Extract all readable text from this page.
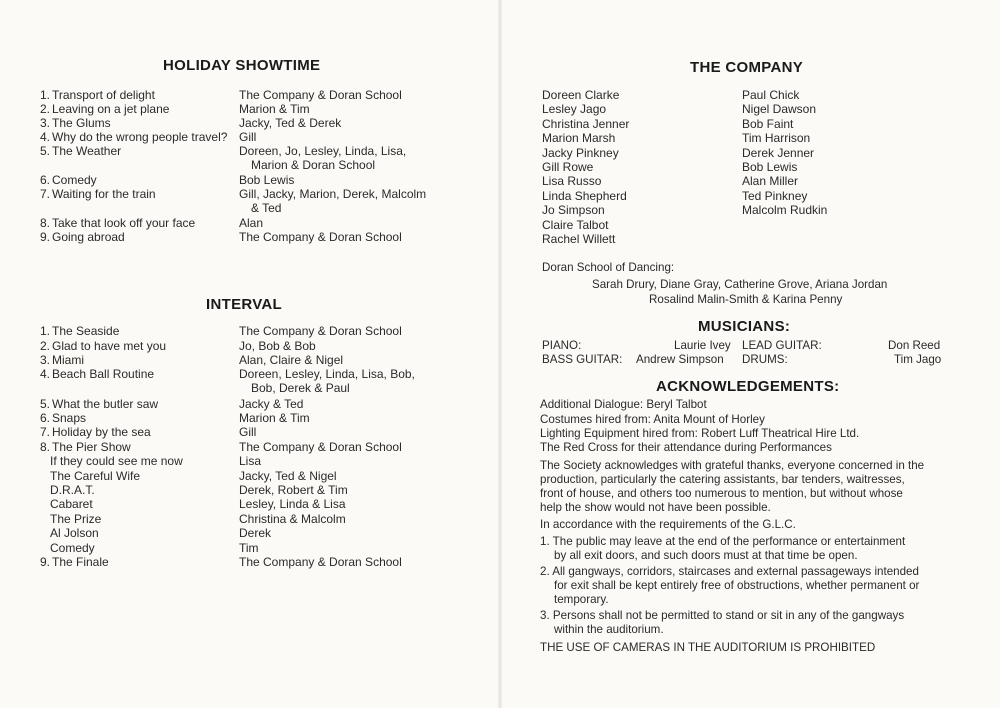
HOLIDAY SHOWTIME
1. Transport of delight	The Company & Doran School
2. Leaving on a jet plane	Marion & Tim
3. The Glums	Jacky, Ted & Derek
4. Why do the wrong people travel? Gill
5. The Weather	Doreen, Jo, Lesley, Linda, Lisa,
Marion & Doran School
6. Comedy	Bob Lewis
7. Waiting for the train	Gill, Jacky, Marion, Derek, Malcolm
& Ted
8. Take that look off your face	Alan
9. Going abroad	The Company & Doran School
INTERVAL
1. The Seaside	The Company & Doran School
2. Glad to have met you	Jo, Bob & Bob
3. Miami	Alan, Claire & Nigel
4. Beach Ball Routine	Doreen, Lesley, Linda, Lisa, Bob,
Bob, Derek & Paul
5. What the butler saw	Jacky & Ted
6. Snaps	Marion & Tim
7. Holiday by the sea	Gill
8. The Pier Show	The Company & Doran School
If they could see me now	Lisa
The Careful Wife	Jacky, Ted & Nigel
D.R.A.T.	Derek, Robert & Tim
Cabaret	Lesley, Linda & Lisa
The Prize	Christina & Malcolm
Al Jolson	Derek
Comedy	Tim
9. The Finale	The Company & Doran School
THE COMPANY
Doreen Clarke
Lesley Jago
Christina Jenner
Marion Marsh
Jacky Pinkney
Gill Rowe
Lisa Russo
Linda Shepherd
Jo Simpson
Claire Talbot
Rachel Willett
Paul Chick
Nigel Dawson
Bob Faint
Tim Harrison
Derek Jenner
Bob Lewis
Alan Miller
Ted Pinkney
Malcolm Rudkin
Doran School of Dancing:
Sarah Drury, Diane Gray, Catherine Grove, Ariana Jordan
Rosalind Malin-Smith & Karina Penny
MUSICIANS:
PIANO:	Laurie Ivey LEAD GUITAR:	Don Reed
BASS GUITAR: Andrew Simpson DRUMS:	Tim Jago
ACKNOWLEDGEMENTS:
Additional Dialogue: Beryl Talbot
Costumes hired from: Anita Mount of Horley
Lighting Equipment hired from: Robert Luff Theatrical Hire Ltd.
The Red Cross for their attendance during Performances
The Society acknowledges with grateful thanks, everyone concerned in the
production, particularly the catering assistants, bar tenders, waitresses,
front of house, and others too numerous to mention, but without whose
help the show would not have been possible.
In accordance with the requirements of the G.L.C.
1. The public may leave at the end of the performance or entertainment
by all exit doors, and such doors must at that time be open.
2. All gangways, corridors, staircases and external passageways intended
for exit shall be kept entirely free of obstructions, whether permanent or
temporary.
3. Persons shall not be permitted to stand or sit in any of the gangways
within the auditorium.
THE USE OF CAMERAS IN THE AUDITORIUM IS PROHIBITED
